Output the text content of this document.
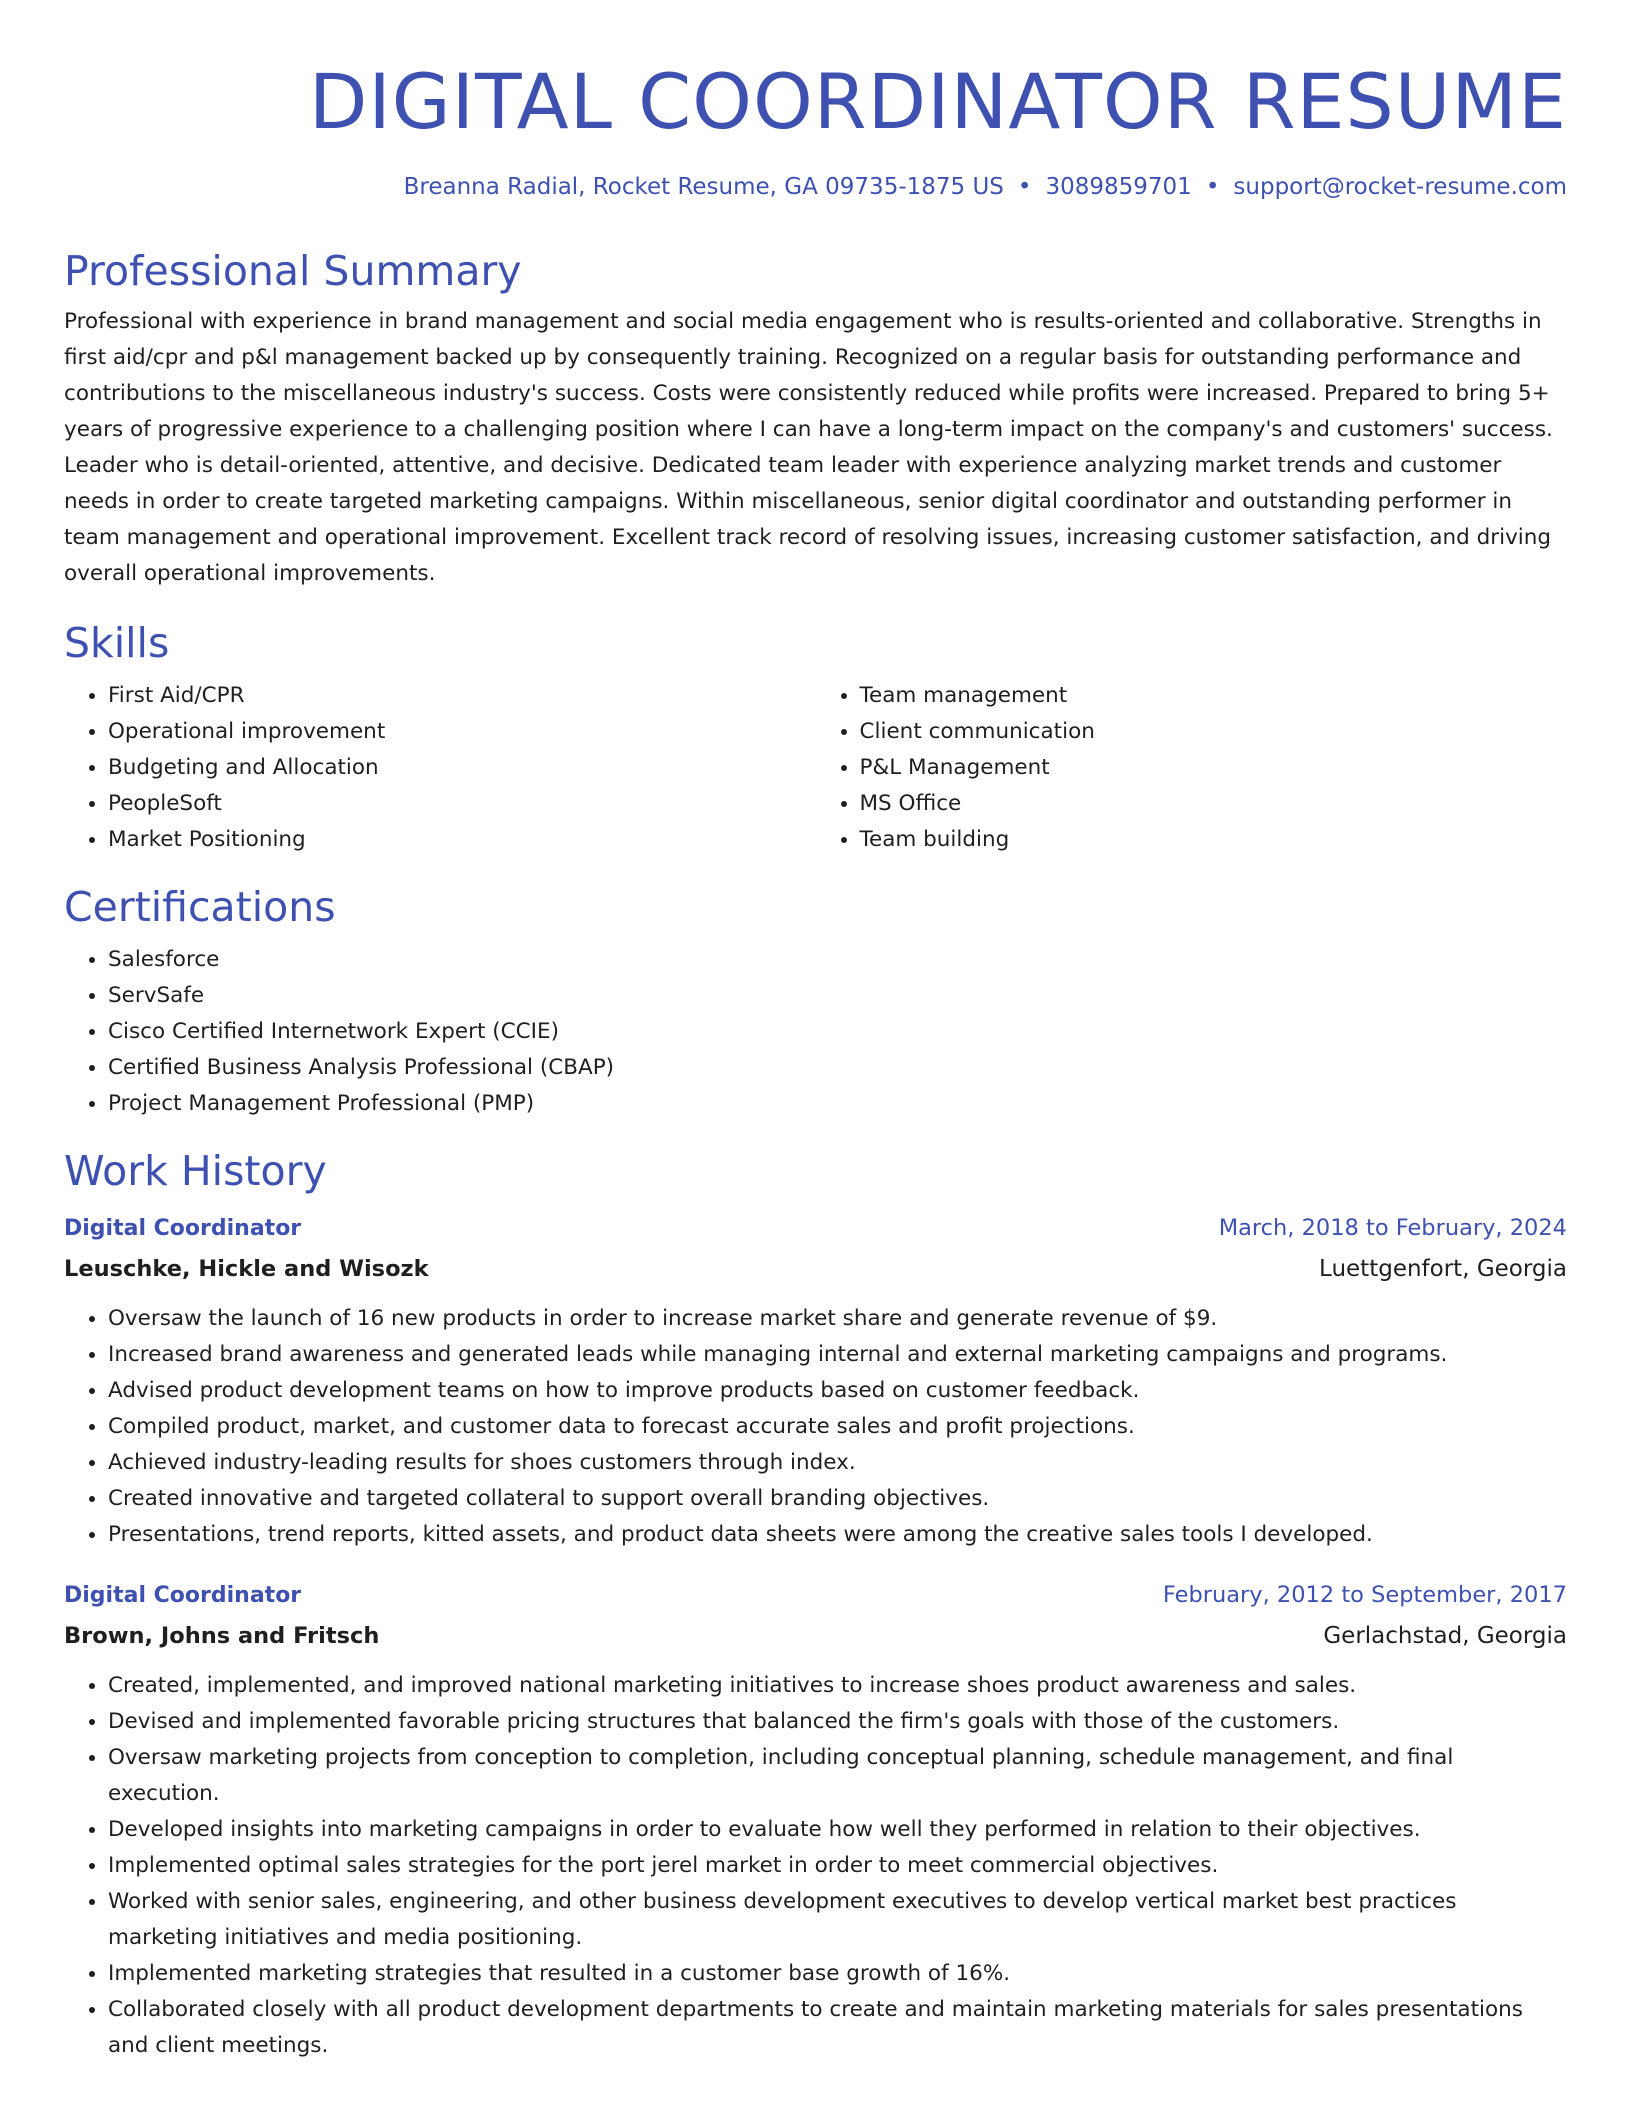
DIGITAL COORDINATOR RESUME
Breanna Radial, Rocket Resume, GA 09735-1875 US • 3089859701 • support@rocket-resume.com
Professional Summary

Professional with experience in brand management and social media engagement who is results-oriented and collaborative. Strengths in first aid/cpr and p&l management backed up by consequently training. Recognized on a regular basis for outstanding performance and contributions to the miscellaneous industry's success. Costs were consistently reduced while profits were increased. Prepared to bring 5+ years of progressive experience to a challenging position where I can have a long-term impact on the company's and customers' success. Leader who is detail-oriented, attentive, and decisive. Dedicated team leader with experience analyzing market trends and customer needs in order to create targeted marketing campaigns. Within miscellaneous, senior digital coordinator and outstanding performer in team management and operational improvement. Excellent track record of resolving issues, increasing customer satisfaction, and driving overall operational improvements.

Skills
• First Aid/CPR
• Operational improvement
• Budgeting and Allocation
• PeopleSoft
• Market Positioning
• Team management
• Client communication
• P&L Management
• MS Office
• Team building
Certifications
• Salesforce
• ServSafe
• Cisco Certified Internetwork Expert (CCIE)
• Certified Business Analysis Professional (CBAP)
• Project Management Professional (PMP)
Work History
Digital Coordinator	March, 2018 to February, 2024
Leuschke, Hickle and Wisozk	Luettgenfort, Georgia
• Oversaw the launch of 16 new products in order to increase market share and generate revenue of $9.
• Increased brand awareness and generated leads while managing internal and external marketing campaigns and programs.
• Advised product development teams on how to improve products based on customer feedback.
• Compiled product, market, and customer data to forecast accurate sales and profit projections.
• Achieved industry-leading results for shoes customers through index.
• Created innovative and targeted collateral to support overall branding objectives.
• Presentations, trend reports, kitted assets, and product data sheets were among the creative sales tools I developed.
Digital Coordinator	February, 2012 to September, 2017
Brown, Johns and Fritsch	Gerlachstad, Georgia
• Created, implemented, and improved national marketing initiatives to increase shoes product awareness and sales.
• Devised and implemented favorable pricing structures that balanced the firm's goals with those of the customers.
• Oversaw marketing projects from conception to completion, including conceptual planning, schedule management, and final execution.
• Developed insights into marketing campaigns in order to evaluate how well they performed in relation to their objectives.
• Implemented optimal sales strategies for the port jerel market in order to meet commercial objectives.
• Worked with senior sales, engineering, and other business development executives to develop vertical market best practices marketing initiatives and media positioning.
• Implemented marketing strategies that resulted in a customer base growth of 16%.
• Collaborated closely with all product development departments to create and maintain marketing materials for sales presentations and client meetings.
